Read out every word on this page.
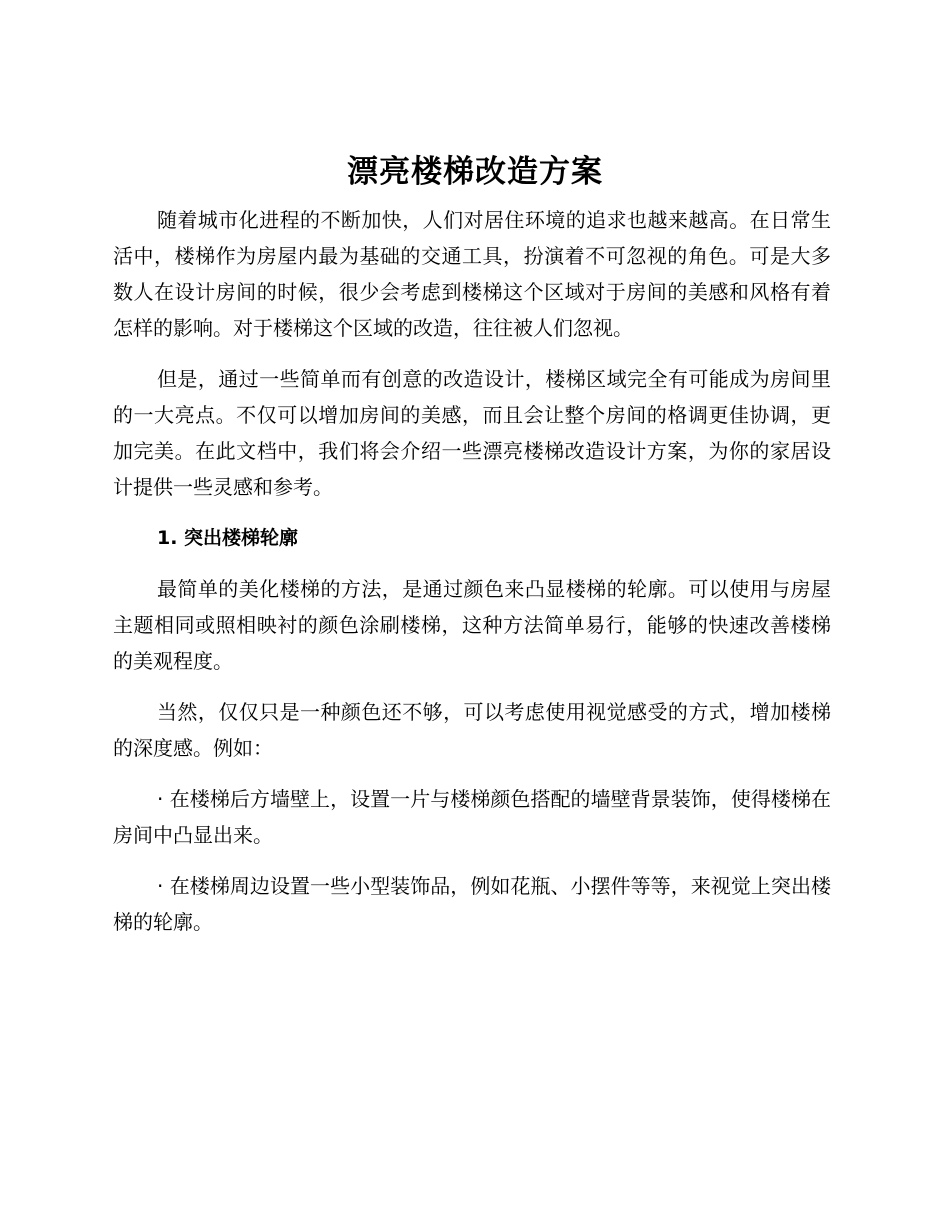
漂亮楼梯改造方案

随着城市化进程的不断加快，人们对居住环境的追求也越来越高。在日常生活中，楼梯作为房屋内最为基础的交通工具，扮演着不可忽视的角色。可是大多数人在设计房间的时候，很少会考虑到楼梯这个区域对于房间的美感和风格有着怎样的影响。对于楼梯这个区域的改造，往往被人们忽视。

但是，通过一些简单而有创意的改造设计，楼梯区域完全有可能成为房间里的一大亮点。不仅可以增加房间的美感，而且会让整个房间的格调更佳协调，更加完美。在此文档中，我们将会介绍一些漂亮楼梯改造设计方案，为你的家居设计提供一些灵感和参考。

1. 突出楼梯轮廓

最简单的美化楼梯的方法，是通过颜色来凸显楼梯的轮廓。可以使用与房屋主题相同或照相映衬的颜色涂刷楼梯，这种方法简单易行，能够的快速改善楼梯的美观程度。

当然，仅仅只是一种颜色还不够，可以考虑使用视觉感受的方式，增加楼梯的深度感。例如：

· 在楼梯后方墙壁上，设置一片与楼梯颜色搭配的墙壁背景装饰，使得楼梯在房间中凸显出来。

· 在楼梯周边设置一些小型装饰品，例如花瓶、小摆件等等，来视觉上突出楼梯的轮廓。
